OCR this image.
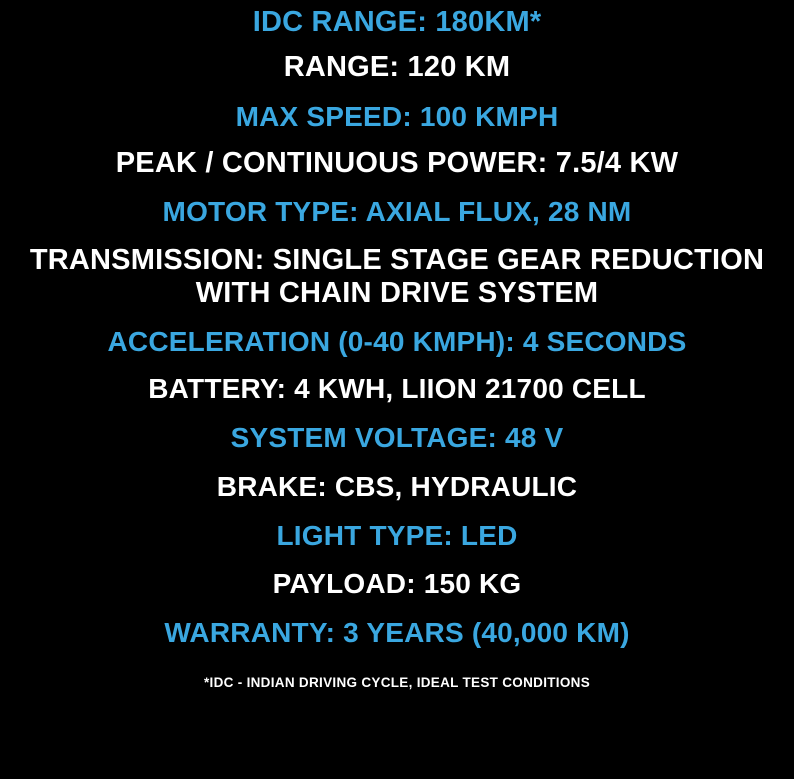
IDC RANGE: 180KM*
RANGE: 120 KM
MAX SPEED: 100 KMPH
PEAK / CONTINUOUS POWER: 7.5/4 KW
MOTOR TYPE: AXIAL FLUX, 28 NM
TRANSMISSION: SINGLE STAGE GEAR REDUCTION WITH CHAIN DRIVE SYSTEM
ACCELERATION (0-40 KMPH): 4 SECONDS
BATTERY: 4 KWH, LIION 21700 CELL
SYSTEM VOLTAGE: 48 V
BRAKE: CBS, HYDRAULIC
LIGHT TYPE: LED
PAYLOAD: 150 KG
WARRANTY: 3 YEARS (40,000 KM)
*IDC - INDIAN DRIVING CYCLE, IDEAL TEST CONDITIONS
